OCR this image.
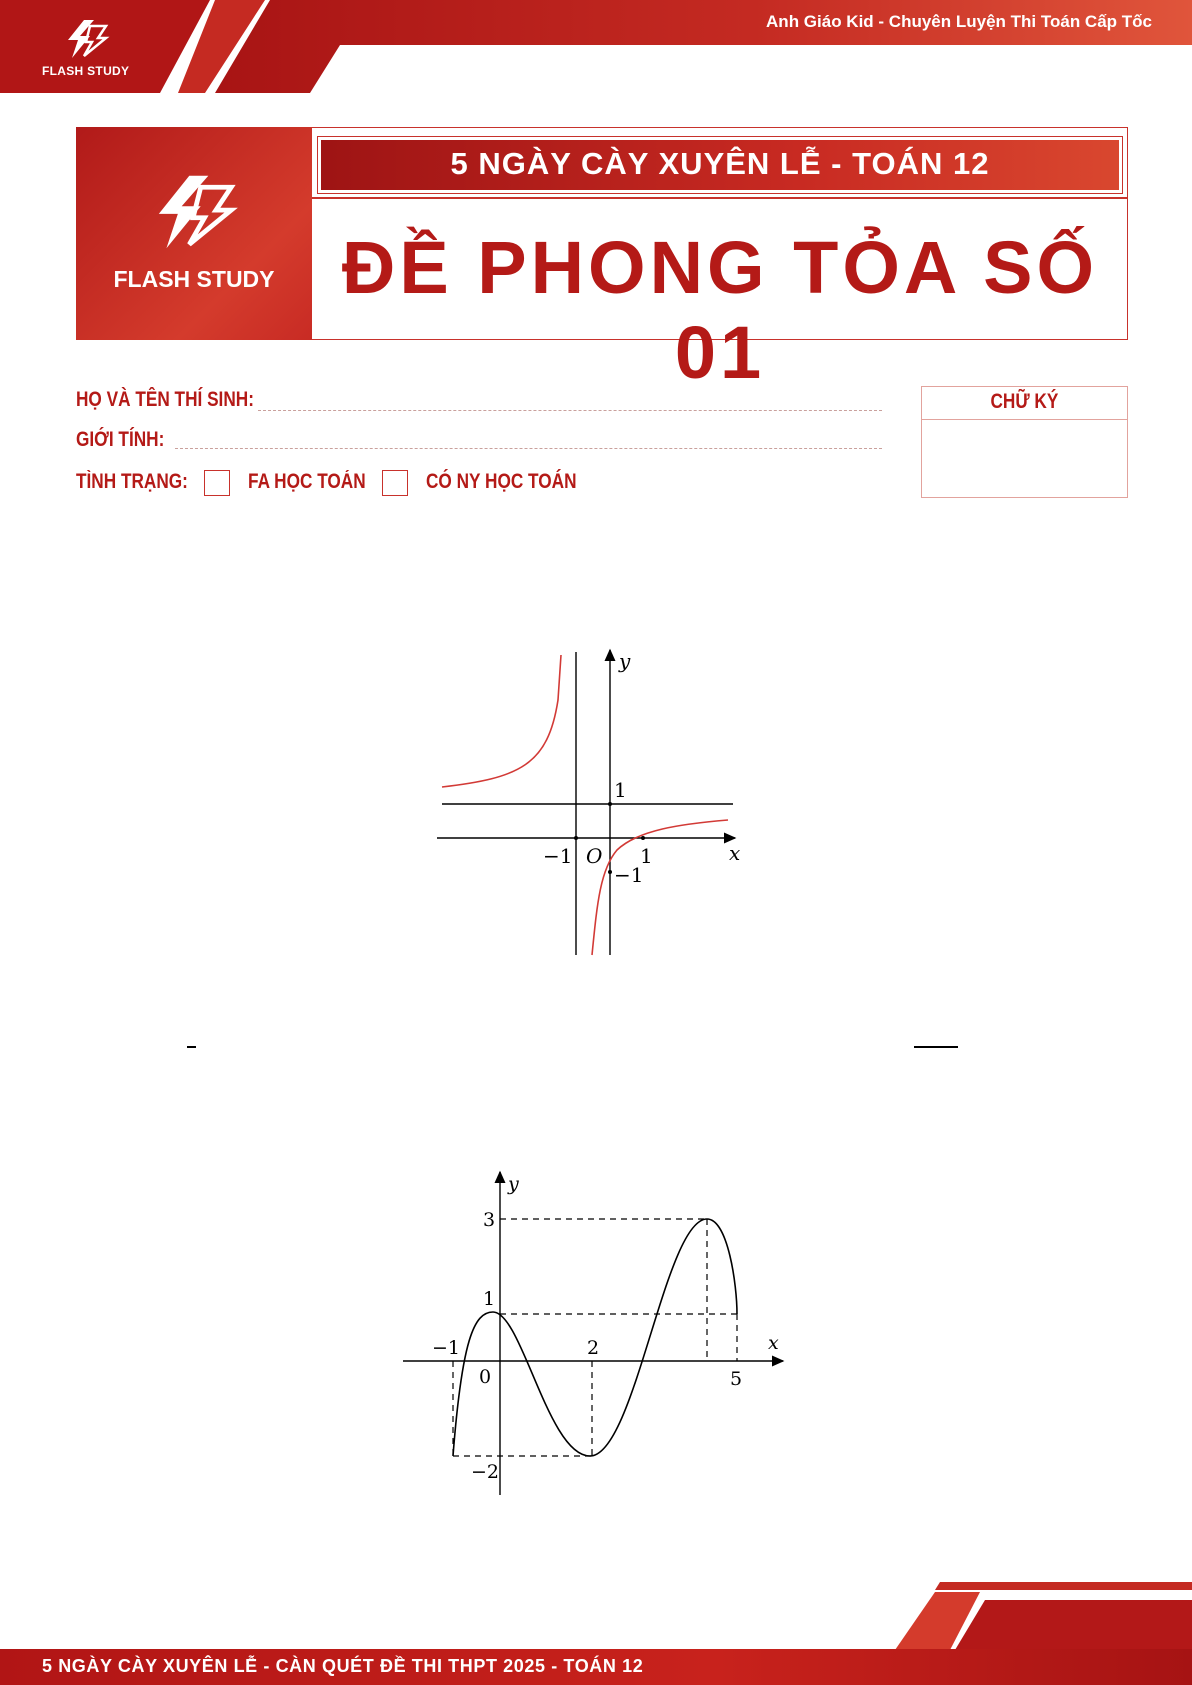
FLASH STUDY
Anh Giáo Kid - Chuyên Luyện Thi Toán Cấp Tốc
FLASH STUDY
5 NGÀY CÀY XUYÊN LỄ - TOÁN 12
ĐỀ PHONG TỎA SỐ 01
HỌ VÀ TÊN THÍ SINH:
GIỚI TÍNH:
TÌNH TRẠNG:	FA HỌC TOÁN	CÓ NY HỌC TOÁN
CHỮ KÝ
y
x
1
−1 O 1
−1
y
x
3
1
−1	2
0	5
−2
5 NGÀY CÀY XUYÊN LỄ - CÀN QUÉT ĐỀ THI THPT 2025 - TOÁN 12
